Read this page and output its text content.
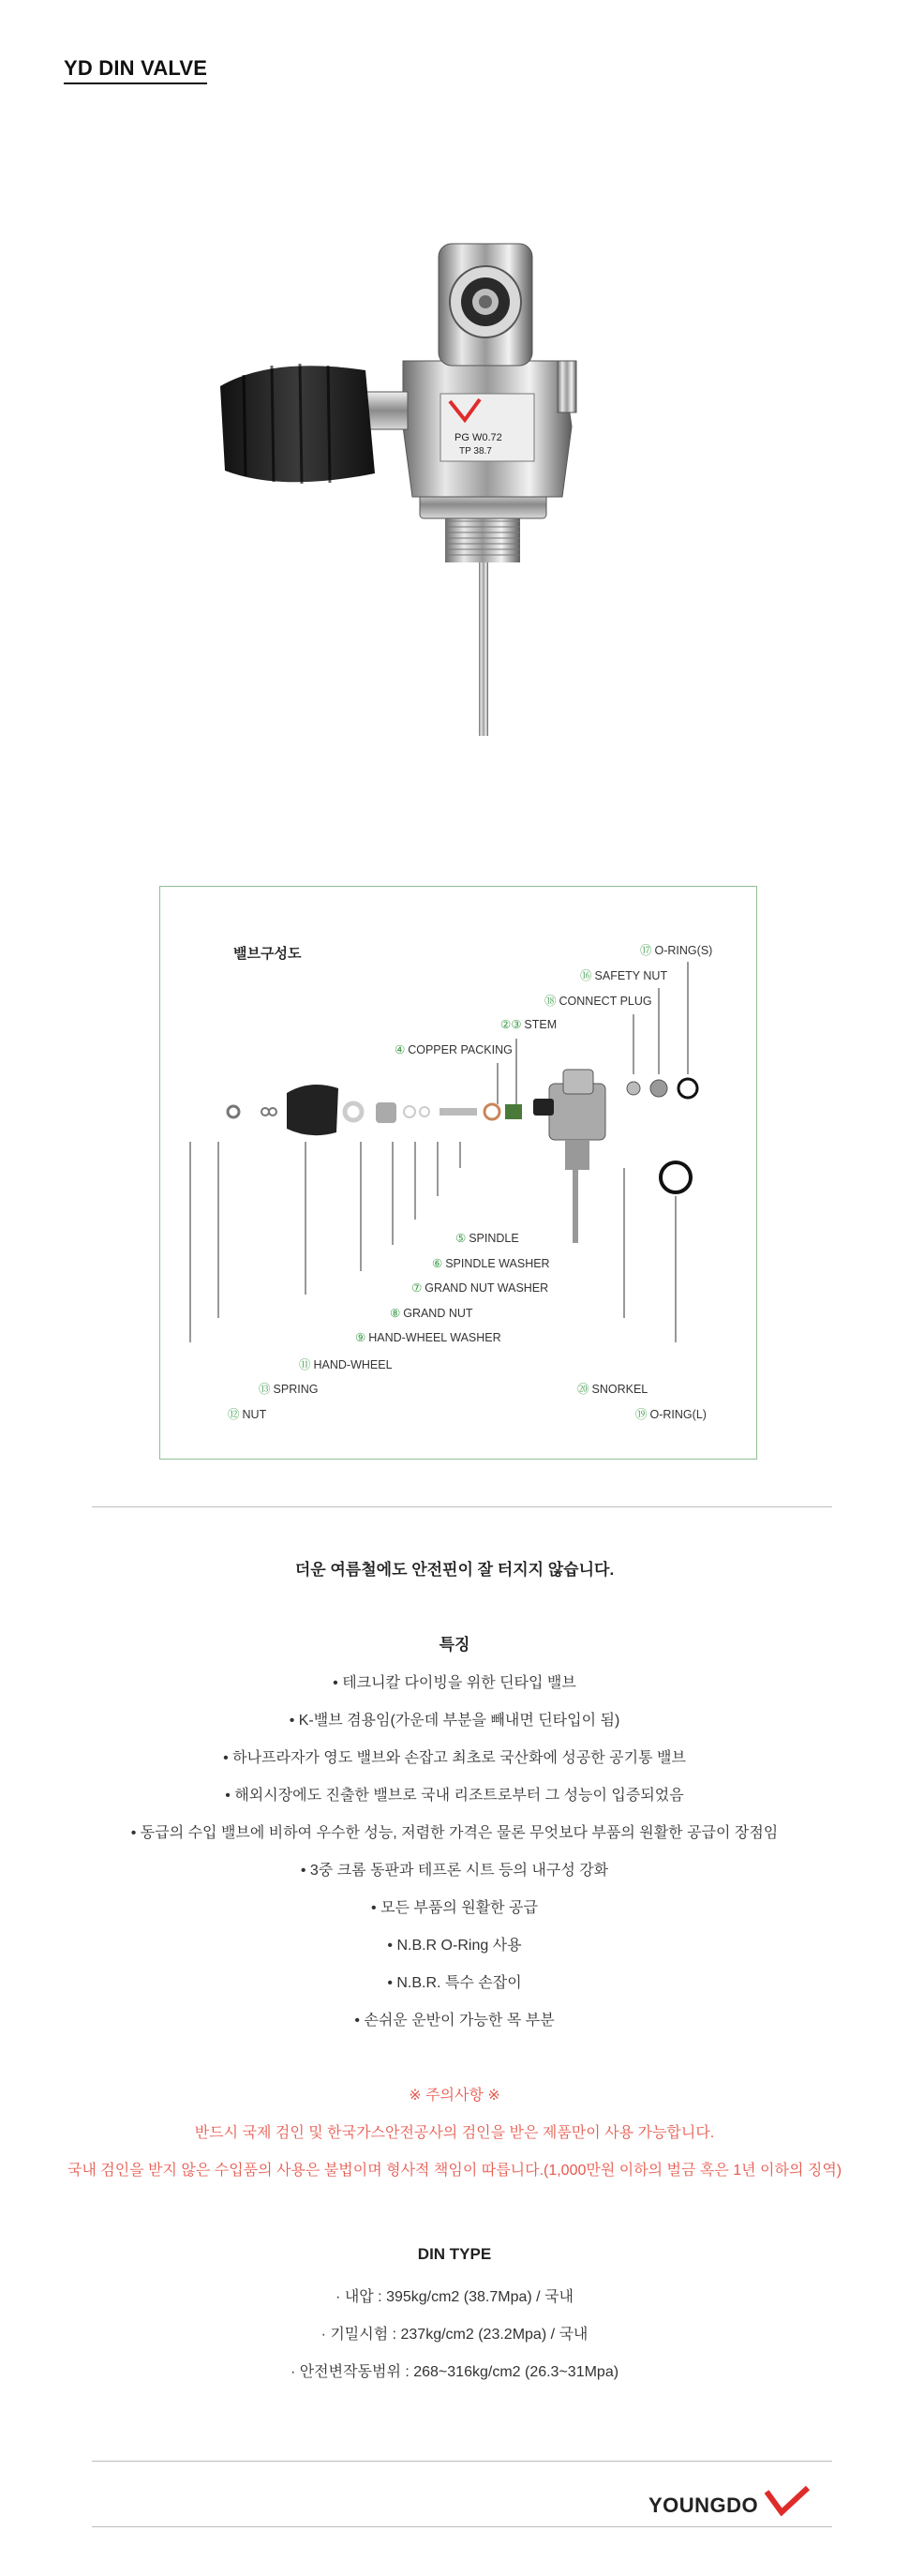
YD DIN VALVE
PG W0.72
TP 38.7
밸브구성도	⑰ O-RING(S)
⑯ SAFETY NUT
⑱ CONNECT PLUG
②③ STEM
④ COPPER PACKING
⑤ SPINDLE
⑥ SPINDLE WASHER
⑦ GRAND NUT WASHER
⑧ GRAND NUT
⑨ HAND-WHEEL WASHER
⑪ HAND-WHEEL
⑬ SPRING
⑫ NUT
⑳ SNORKEL
⑲ O-RING(L)
더운 여름철에도 안전핀이 잘 터지지 않습니다.
특징
• 테크니칼 다이빙을 위한 딘타입 밸브
• K-밸브 겸용임(가운데 부분을 빼내면 딘타입이 됨)
• 하나프라자가 영도 밸브와 손잡고 최초로 국산화에 성공한 공기통 밸브
• 해외시장에도 진출한 밸브로 국내 리조트로부터 그 성능이 입증되었음
• 동급의 수입 밸브에 비하여 우수한 성능, 저렴한 가격은 물론 무엇보다 부품의 원활한 공급이 장점임
• 3중 크롬 동판과 테프론 시트 등의 내구성 강화
• 모든 부품의 원활한 공급
• N.B.R O-Ring 사용
• N.B.R. 특수 손잡이
• 손쉬운 운반이 가능한 목 부분
※ 주의사항 ※
반드시 국제 검인 및 한국가스안전공사의 검인을 받은 제품만이 사용 가능합니다.
국내 검인을 받지 않은 수입품의 사용은 불법이며 형사적 책임이 따릅니다.(1,000만원 이하의 벌금 혹은 1년 이하의 징역)
DIN TYPE
· 내압 : 395kg/cm2 (38.7Mpa) / 국내
· 기밀시험 : 237kg/cm2 (23.2Mpa) / 국내
· 안전변작동범위 : 268~316kg/cm2 (26.3~31Mpa)
YOUNGDO
